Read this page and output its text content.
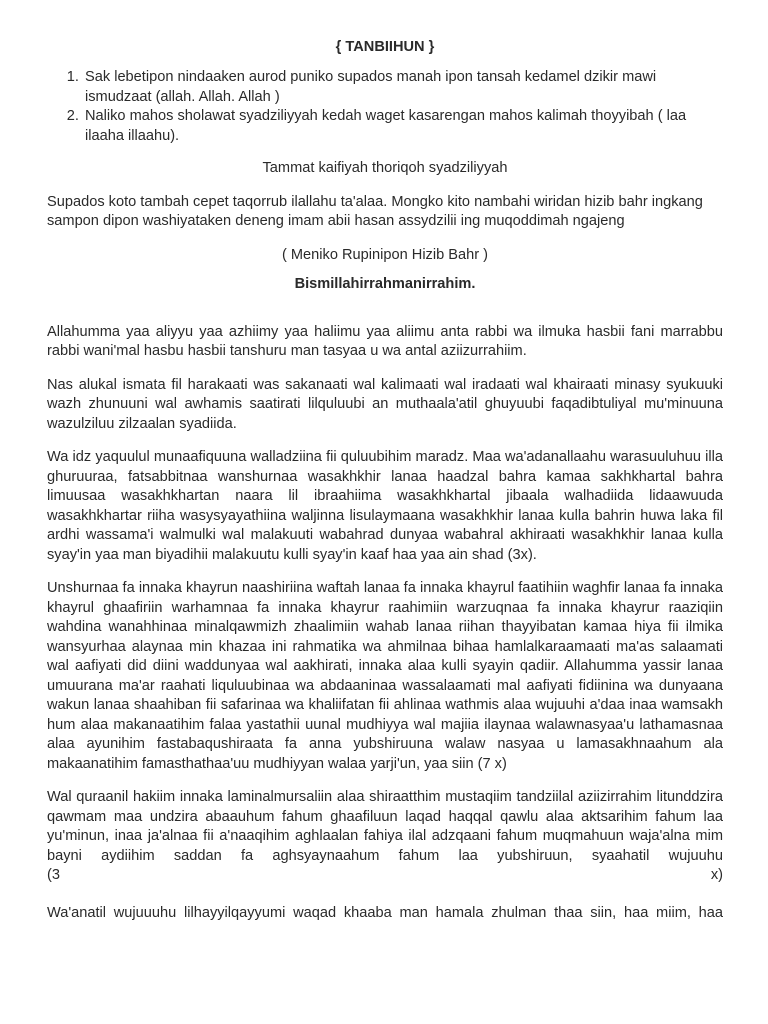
{ TANBIIHUN }

1. Sak lebetipon nindaaken aurod puniko supados manah ipon tansah kedamel dzikir mawi ismudzaat (allah. Allah. Allah )
2. Naliko mahos sholawat syadziliyyah kedah waget kasarengan mahos kalimah thoyyibah ( laa ilaaha illaahu).

Tammat kaifiyah thoriqoh syadziliyyah

Supados koto tambah cepet taqorrub ilallahu ta'alaa. Mongko kito nambahi wiridan hizib bahr ingkang sampon dipon washiyataken deneng imam abii hasan assydzilii ing muqoddimah ngajeng

( Meniko Rupinipon Hizib Bahr )

Bismillahirrahmanirrahim.

Allahumma yaa aliyyu yaa azhiimy yaa haliimu yaa aliimu anta rabbi wa ilmuka hasbii fani marrabbu rabbi wani'mal hasbu hasbii tanshuru man tasyaa u wa antal aziizurrahiim.

Nas alukal ismata fil harakaati was sakanaati wal kalimaati wal iradaati wal khairaati minasy syukuuki wazh zhunuuni wal awhamis saatirati lilquluubi an muthaala'atil ghuyuubi faqadibtuliyal mu'minuuna wazulziluu zilzaalan syadiida.

Wa idz yaquulul munaafiquuna walladziina fii quluubihim maradz. Maa wa'adanallaahu warasuuluhuu illa ghuruuraa, fatsabbitnaa wanshurnaa wasakhkhir lanaa haadzal bahra kamaa sakhkhartal bahra limuusaa wasakhkhartan naara lil ibraahiima wasakhkhartal jibaala walhadiida lidaawuuda wasakhkhartar riiha wasysyayathiina waljinna lisulaymaana wasakhkhir lanaa kulla bahrin huwa laka fil ardhi wassama'i walmulki wal malakuuti wabahrad dunyaa wabahral akhiraati wasakhkhir lanaa kulla syay'in yaa man biyadihii malakuutu kulli syay'in kaaf haa yaa ain shad (3x).

Unshurnaa fa innaka khayrun naashiriina waftah lanaa fa innaka khayrul faatihiin waghfir lanaa fa innaka khayrul ghaafiriin warhamnaa fa innaka khayrur raahimiin warzuqnaa fa innaka khayrur raaziqiin wahdina wanahhinaa minalqawmizh zhaalimiin wahab lanaa riihan thayyibatan kamaa hiya fii ilmika wansyurhaa alaynaa min khazaa ini rahmatika wa ahmilnaa bihaa hamlalkaraamaati ma'as salaamati wal aafiyati did diini waddunyaa wal aakhirati, innaka alaa kulli syayin qadiir. Allahumma yassir lanaa umuurana ma'ar raahati liquluubinaa wa abdaaninaa wassalaamati mal aafiyati fidiinina wa dunyaana wakun lanaa shaahiban fii safarinaa wa khaliifatan fii ahlinaa wathmis alaa wujuuhi a'daa inaa wamsakh hum alaa makanaatihim falaa yastathii uunal mudhiyya wal majiia ilaynaa walawnasyaa'u lathamasnaa alaa ayunihim fastabaqushiraata fa anna yubshiruuna walaw nasyaa u lamasakhnaahum ala makaanatihim famasthathaa'uu mudhiyyan walaa yarji'un, yaa siin (7 x)

Wal quraanil hakiim innaka laminalmursaliin alaa shiraatthim mustaqiim tandziilal aziizirrahim litunddzira qawmam maa undzira abaauhum fahum ghaafiluun laqad haqqal qawlu alaa aktsarihim fahum laa yu'minun, inaa ja'alnaa fii a'naaqihim aghlaalan fahiya ilal adzqaani fahum muqmahuun waja'alna mim bayni aydiihim saddan fa aghsyaynaahum fahum laa yubshiruun, syaahatil wujuuhu

(3	x)

Wa'anatil wujuuuhu lilhayyilqayyumi waqad khaaba man hamala zhulman thaa siin, haa miim, haa
